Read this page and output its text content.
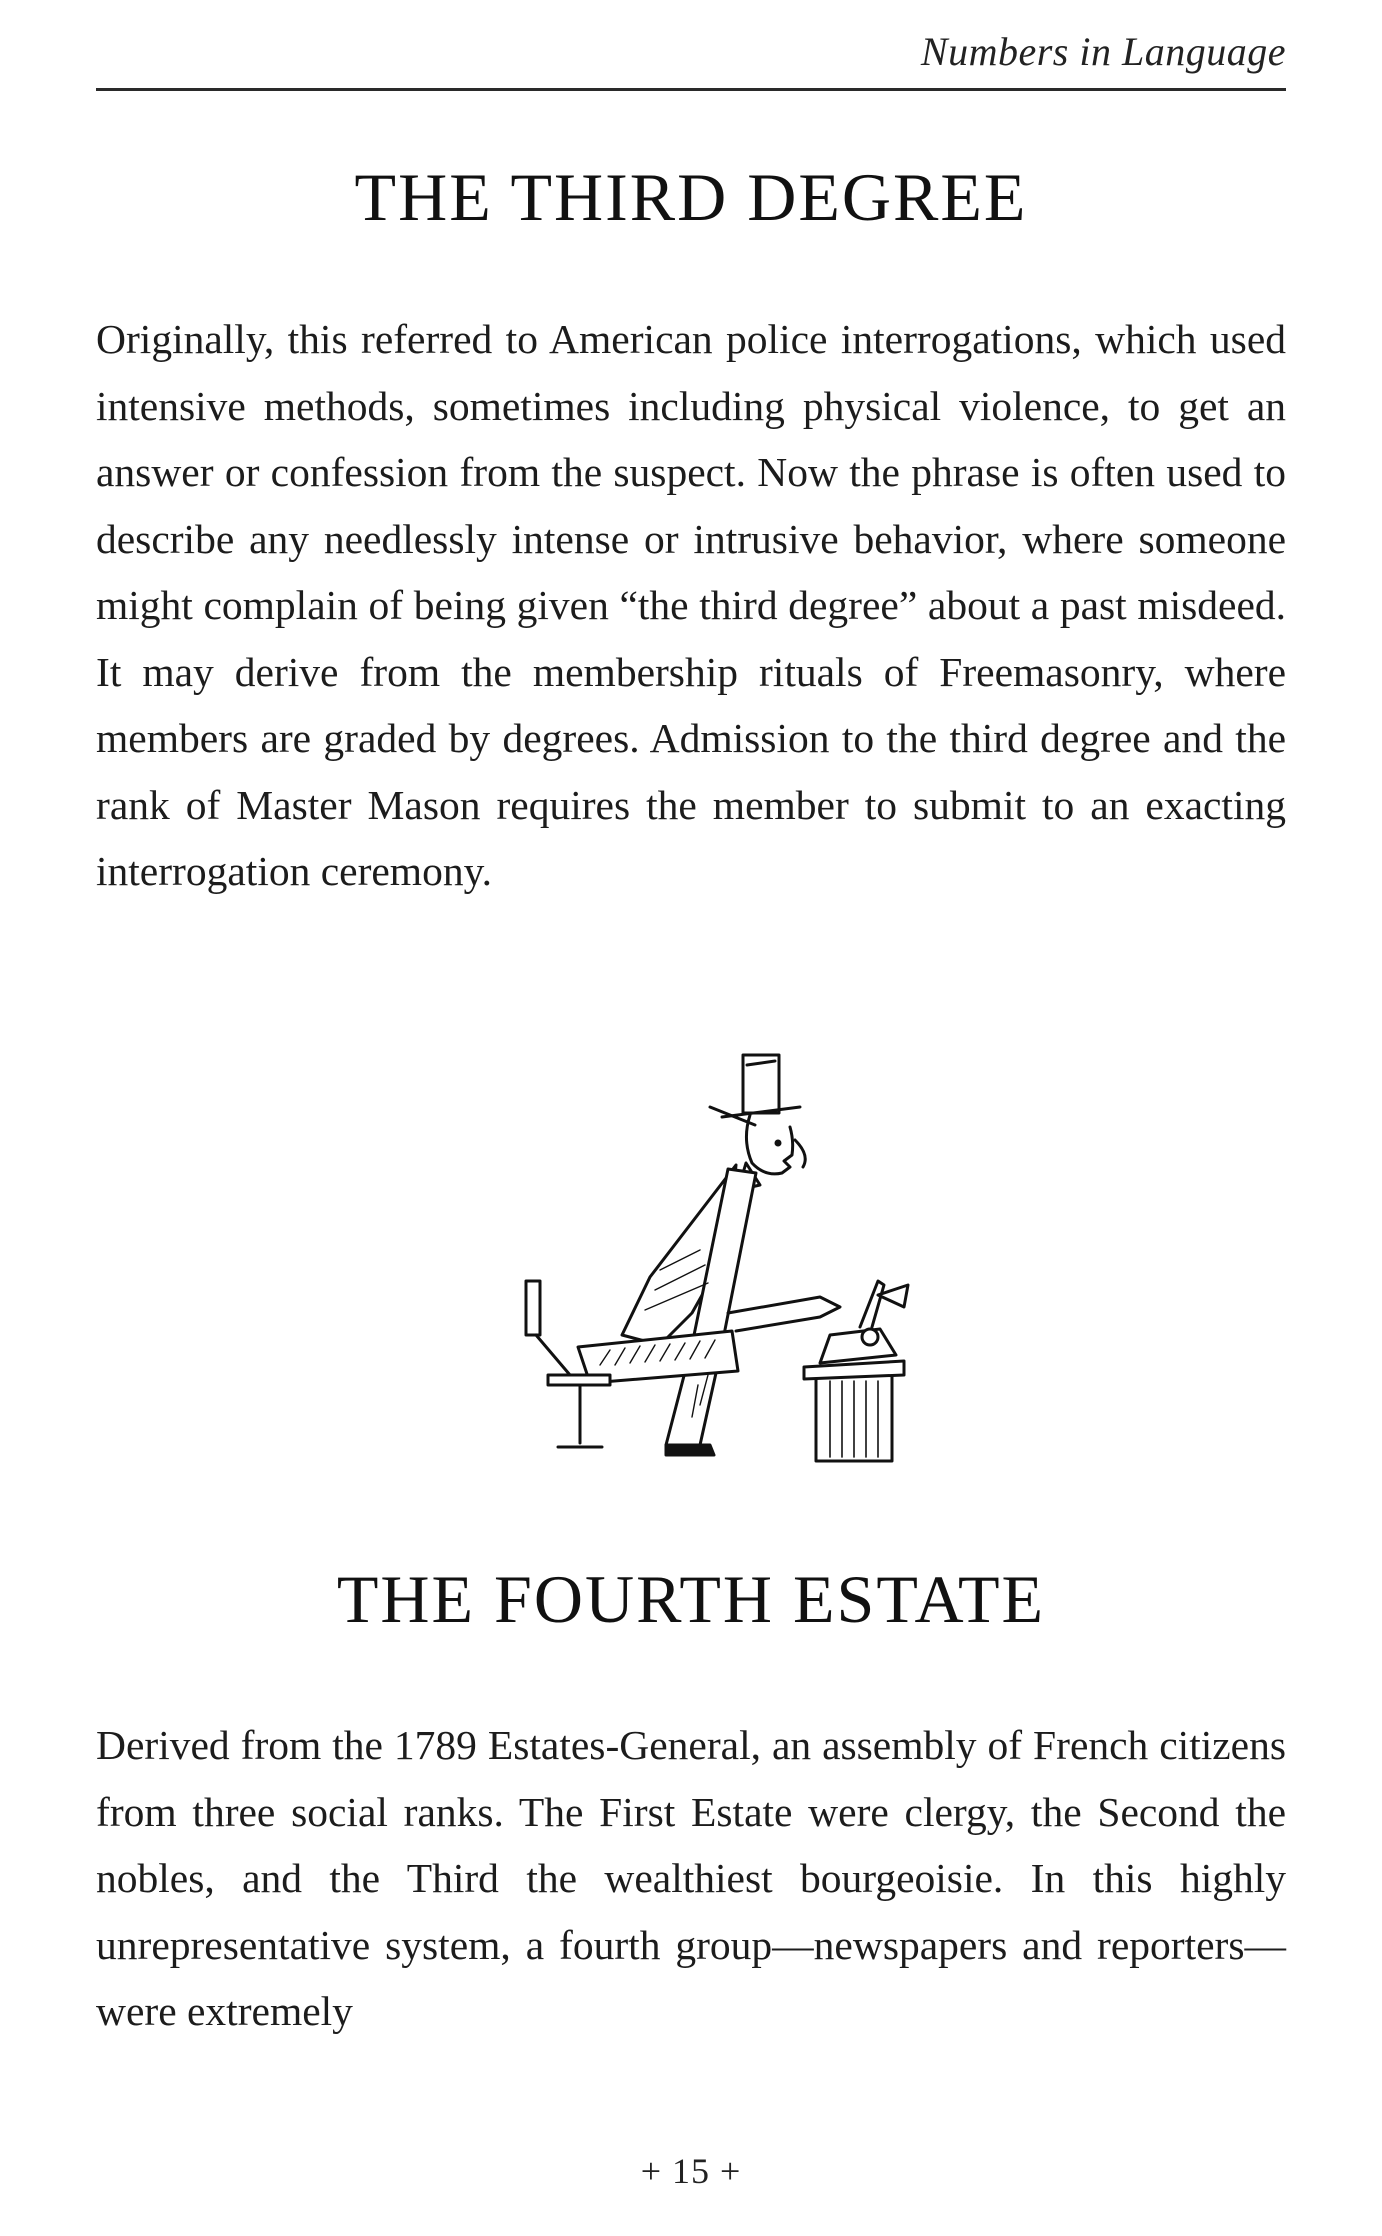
Numbers in Language
THE THIRD DEGREE

Originally, this referred to American police interrogations, which used intensive methods, sometimes including physical violence, to get an answer or confession from the suspect. Now the phrase is often used to describe any needlessly intense or intrusive behavior, where someone might complain of being given “the third degree” about a past misdeed. It may derive from the membership rituals of Freemasonry, where members are graded by degrees. Admission to the third degree and the rank of Master Mason requires the member to submit to an exacting interrogation ceremony.

THE FOURTH ESTATE

Derived from the 1789 Estates-General, an assembly of French citizens from three social ranks. The First Estate were clergy, the Second the nobles, and the Third the wealthiest bourgeoisie. In this highly unrepresentative system, a fourth group—newspapers and reporters—were extremely

+ 15 +
